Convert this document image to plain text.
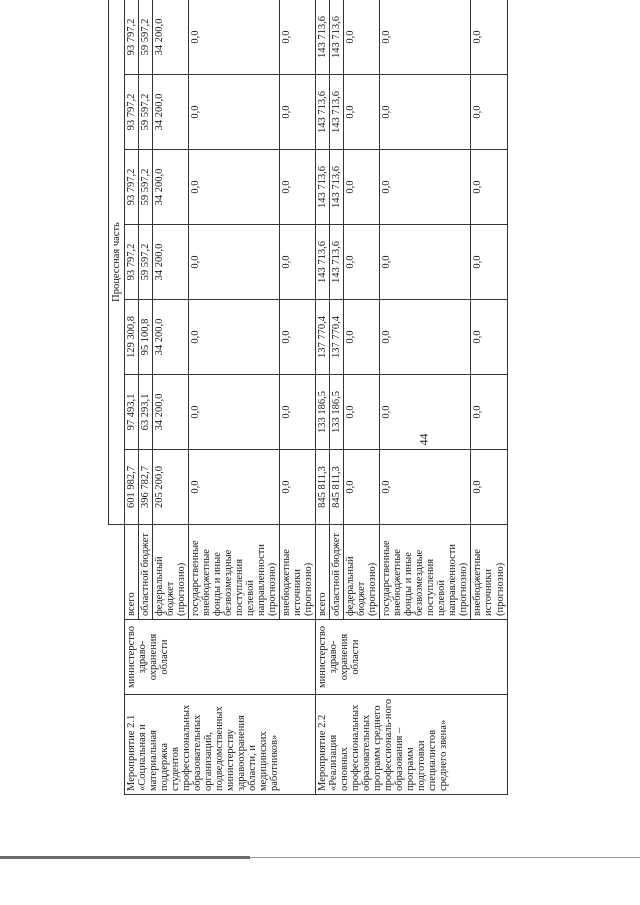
44
			Процессная часть						
Мероприятие 2.1 «Социальная и материальная поддержка студентов профессиональных образовательных организаций, подведомственных министерству здравоохранения области, и медицинских работников»	министерство здраво-охранения области	всего	601 982,7	97 493,1	129 300,8	93 797,2	93 797,2	93 797,2	93 797,2
		областной бюджет	396 782,7	63 293,1	95 100,8	59 597,2	59 597,2	59 597,2	59 597,2
		федеральный бюджет (прогнозно)	205 200,0	34 200,0	34 200,0	34 200,0	34 200,0	34 200,0	34 200,0
		государственные внебюджетные фонды и иные безвозмездные поступления целевой направленности (прогнозно)	0,0	0,0	0,0	0,0	0,0	0,0	0,0
		внебюджетные источники (прогнозно)	0,0	0,0	0,0	0,0	0,0	0,0	0,0
Мероприятие 2.2 «Реализация основных профессиональных образовательных программ среднего профессиональ-ного образования – программ подготовки специалистов среднего звена»	министерство здраво-охранения области	всего	845 811,3	133 186,5	137 770,4	143 713,6	143 713,6	143 713,6	143 713,6
		областной бюджет	845 811,3	133 186,5	137 770,4	143 713,6	143 713,6	143 713,6	143 713,6
		федеральный бюджет (прогнозно)	0,0	0,0	0,0	0,0	0,0	0,0	0,0
		государственные внебюджетные фонды и иные безвозмездные поступления целевой направленности (прогнозно)	0,0	0,0	0,0	0,0	0,0	0,0	0,0
		внебюджетные источники (прогнозно)	0,0	0,0	0,0	0,0	0,0	0,0	0,0
